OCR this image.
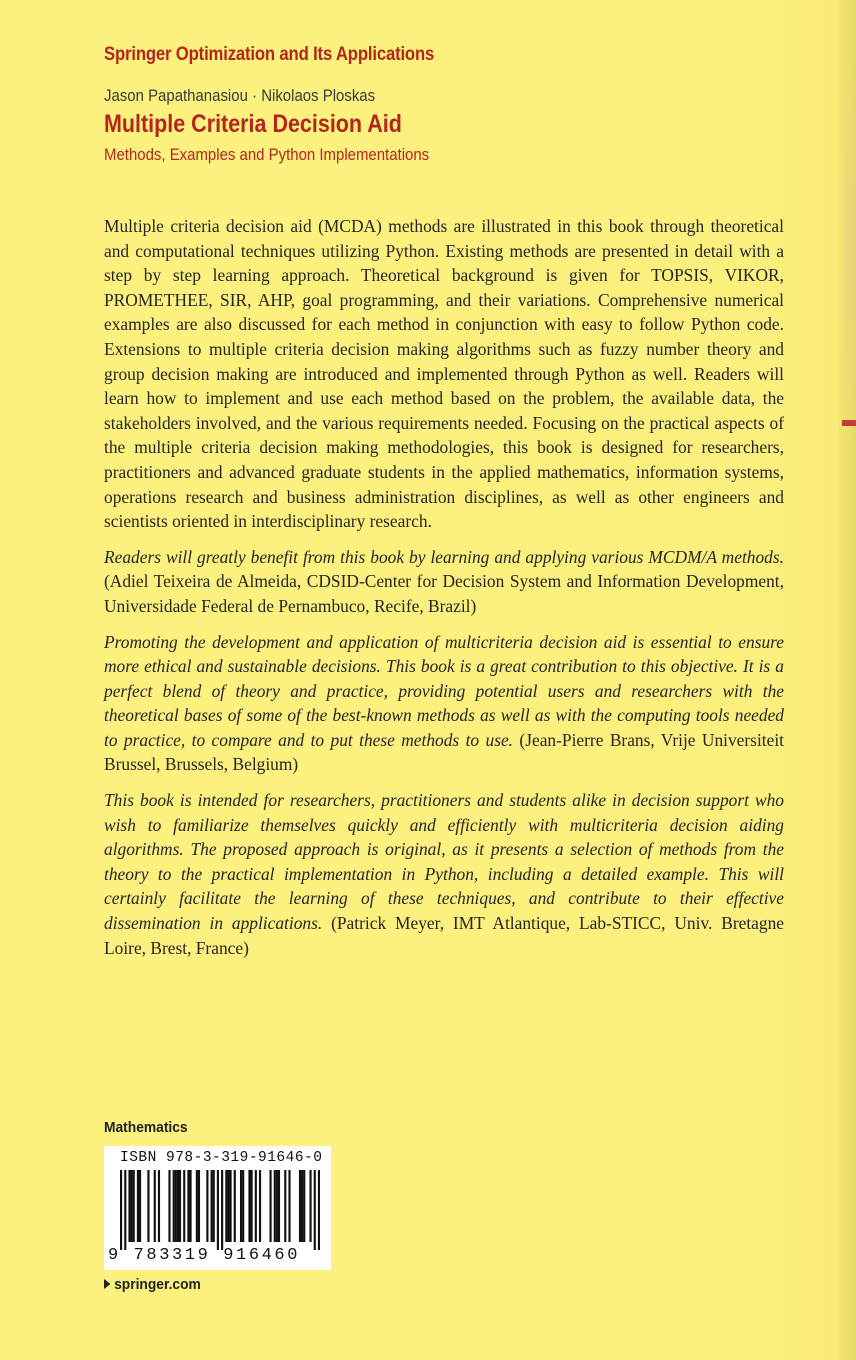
Springer Optimization and Its Applications
Jason Papathanasiou · Nikolaos Ploskas
Multiple Criteria Decision Aid
Methods, Examples and Python Implementations

Multiple criteria decision aid (MCDA) methods are illustrated in this book through theoretical and computational techniques utilizing Python. Existing methods are presented in detail with a step by step learning approach. Theoretical background is given for TOPSIS, VIKOR, PROMETHEE, SIR, AHP, goal programming, and their variations. Comprehensive numerical examples are also discussed for each method in conjunction with easy to follow Python code. Extensions to multiple criteria decision making algorithms such as fuzzy number theory and group decision making are introduced and implemented through Python as well. Readers will learn how to implement and use each method based on the problem, the available data, the stakeholders involved, and the various requirements needed. Focusing on the practical aspects of the multiple criteria decision making methodologies, this book is designed for researchers, practitioners and advanced graduate students in the applied mathematics, information systems, operations research and business administration disciplines, as well as other engineers and scientists oriented in interdisciplinary research.

Readers will greatly benefit from this book by learning and applying various MCDM/A methods. (Adiel Teixeira de Almeida, CDSID-Center for Decision System and Information Development, Universidade Federal de Pernambuco, Recife, Brazil)

Promoting the development and application of multicriteria decision aid is essential to ensure more ethical and sustainable decisions. This book is a great contribution to this objective. It is a perfect blend of theory and practice, providing potential users and researchers with the theoretical bases of some of the best-known methods as well as with the computing tools needed to practice, to compare and to put these methods to use. (Jean-Pierre Brans, Vrije Universiteit Brussel, Brussels, Belgium)

This book is intended for researchers, practitioners and students alike in decision support who wish to familiarize themselves quickly and efficiently with multicriteria decision aiding algorithms. The proposed approach is original, as it presents a selection of methods from the theory to the practical implementation in Python, including a detailed example. This will certainly facilitate the learning of these techniques, and contribute to their effective dissemination in applications. (Patrick Meyer, IMT Atlantique, Lab-STICC, Univ. Bretagne Loire, Brest, France)

Mathematics
ISBN 978-3-319-91646-0
9 783319 916460
springer.com
